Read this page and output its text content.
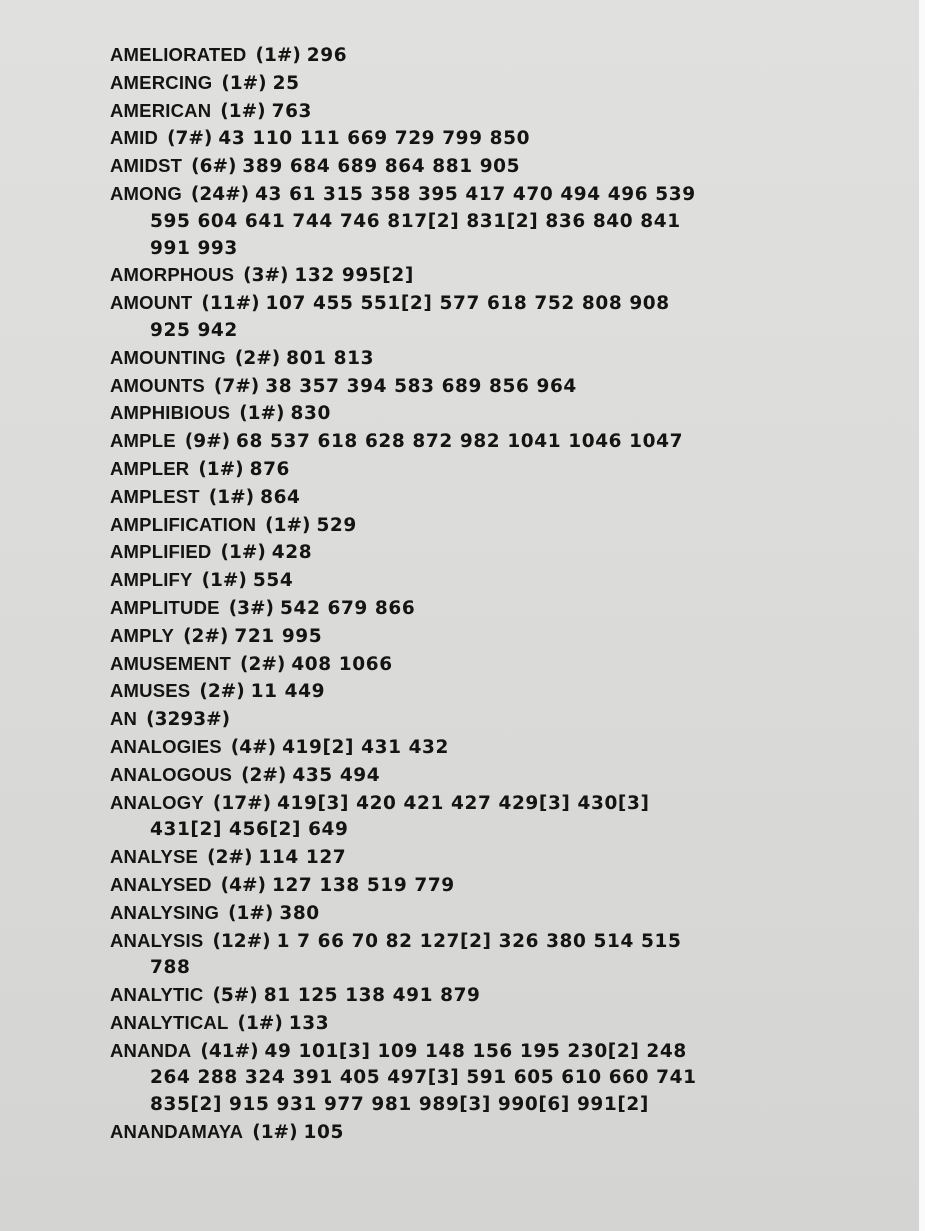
AMELIORATED (1#) 296
AMERCING (1#) 25
AMERICAN (1#) 763
AMID (7#) 43 110 111 669 729 799 850
AMIDST (6#) 389 684 689 864 881 905
AMONG (24#) 43 61 315 358 395 417 470 494 496 539
595 604 641 744 746 817[2] 831[2] 836 840 841
991 993
AMORPHOUS (3#) 132 995[2]
AMOUNT (11#) 107 455 551[2] 577 618 752 808 908
925 942
AMOUNTING (2#) 801 813
AMOUNTS (7#) 38 357 394 583 689 856 964
AMPHIBIOUS (1#) 830
AMPLE (9#) 68 537 618 628 872 982 1041 1046 1047
AMPLER (1#) 876
AMPLEST (1#) 864
AMPLIFICATION (1#) 529
AMPLIFIED (1#) 428
AMPLIFY (1#) 554
AMPLITUDE (3#) 542 679 866
AMPLY (2#) 721 995
AMUSEMENT (2#) 408 1066
AMUSES (2#) 11 449
AN (3293#)
ANALOGIES (4#) 419[2] 431 432
ANALOGOUS (2#) 435 494
ANALOGY (17#) 419[3] 420 421 427 429[3] 430[3]
431[2] 456[2] 649
ANALYSE (2#) 114 127
ANALYSED (4#) 127 138 519 779
ANALYSING (1#) 380
ANALYSIS (12#) 1 7 66 70 82 127[2] 326 380 514 515
788
ANALYTIC (5#) 81 125 138 491 879
ANALYTICAL (1#) 133
ANANDA (41#) 49 101[3] 109 148 156 195 230[2] 248
264 288 324 391 405 497[3] 591 605 610 660 741
835[2] 915 931 977 981 989[3] 990[6] 991[2]
ANANDAMAYA (1#) 105
